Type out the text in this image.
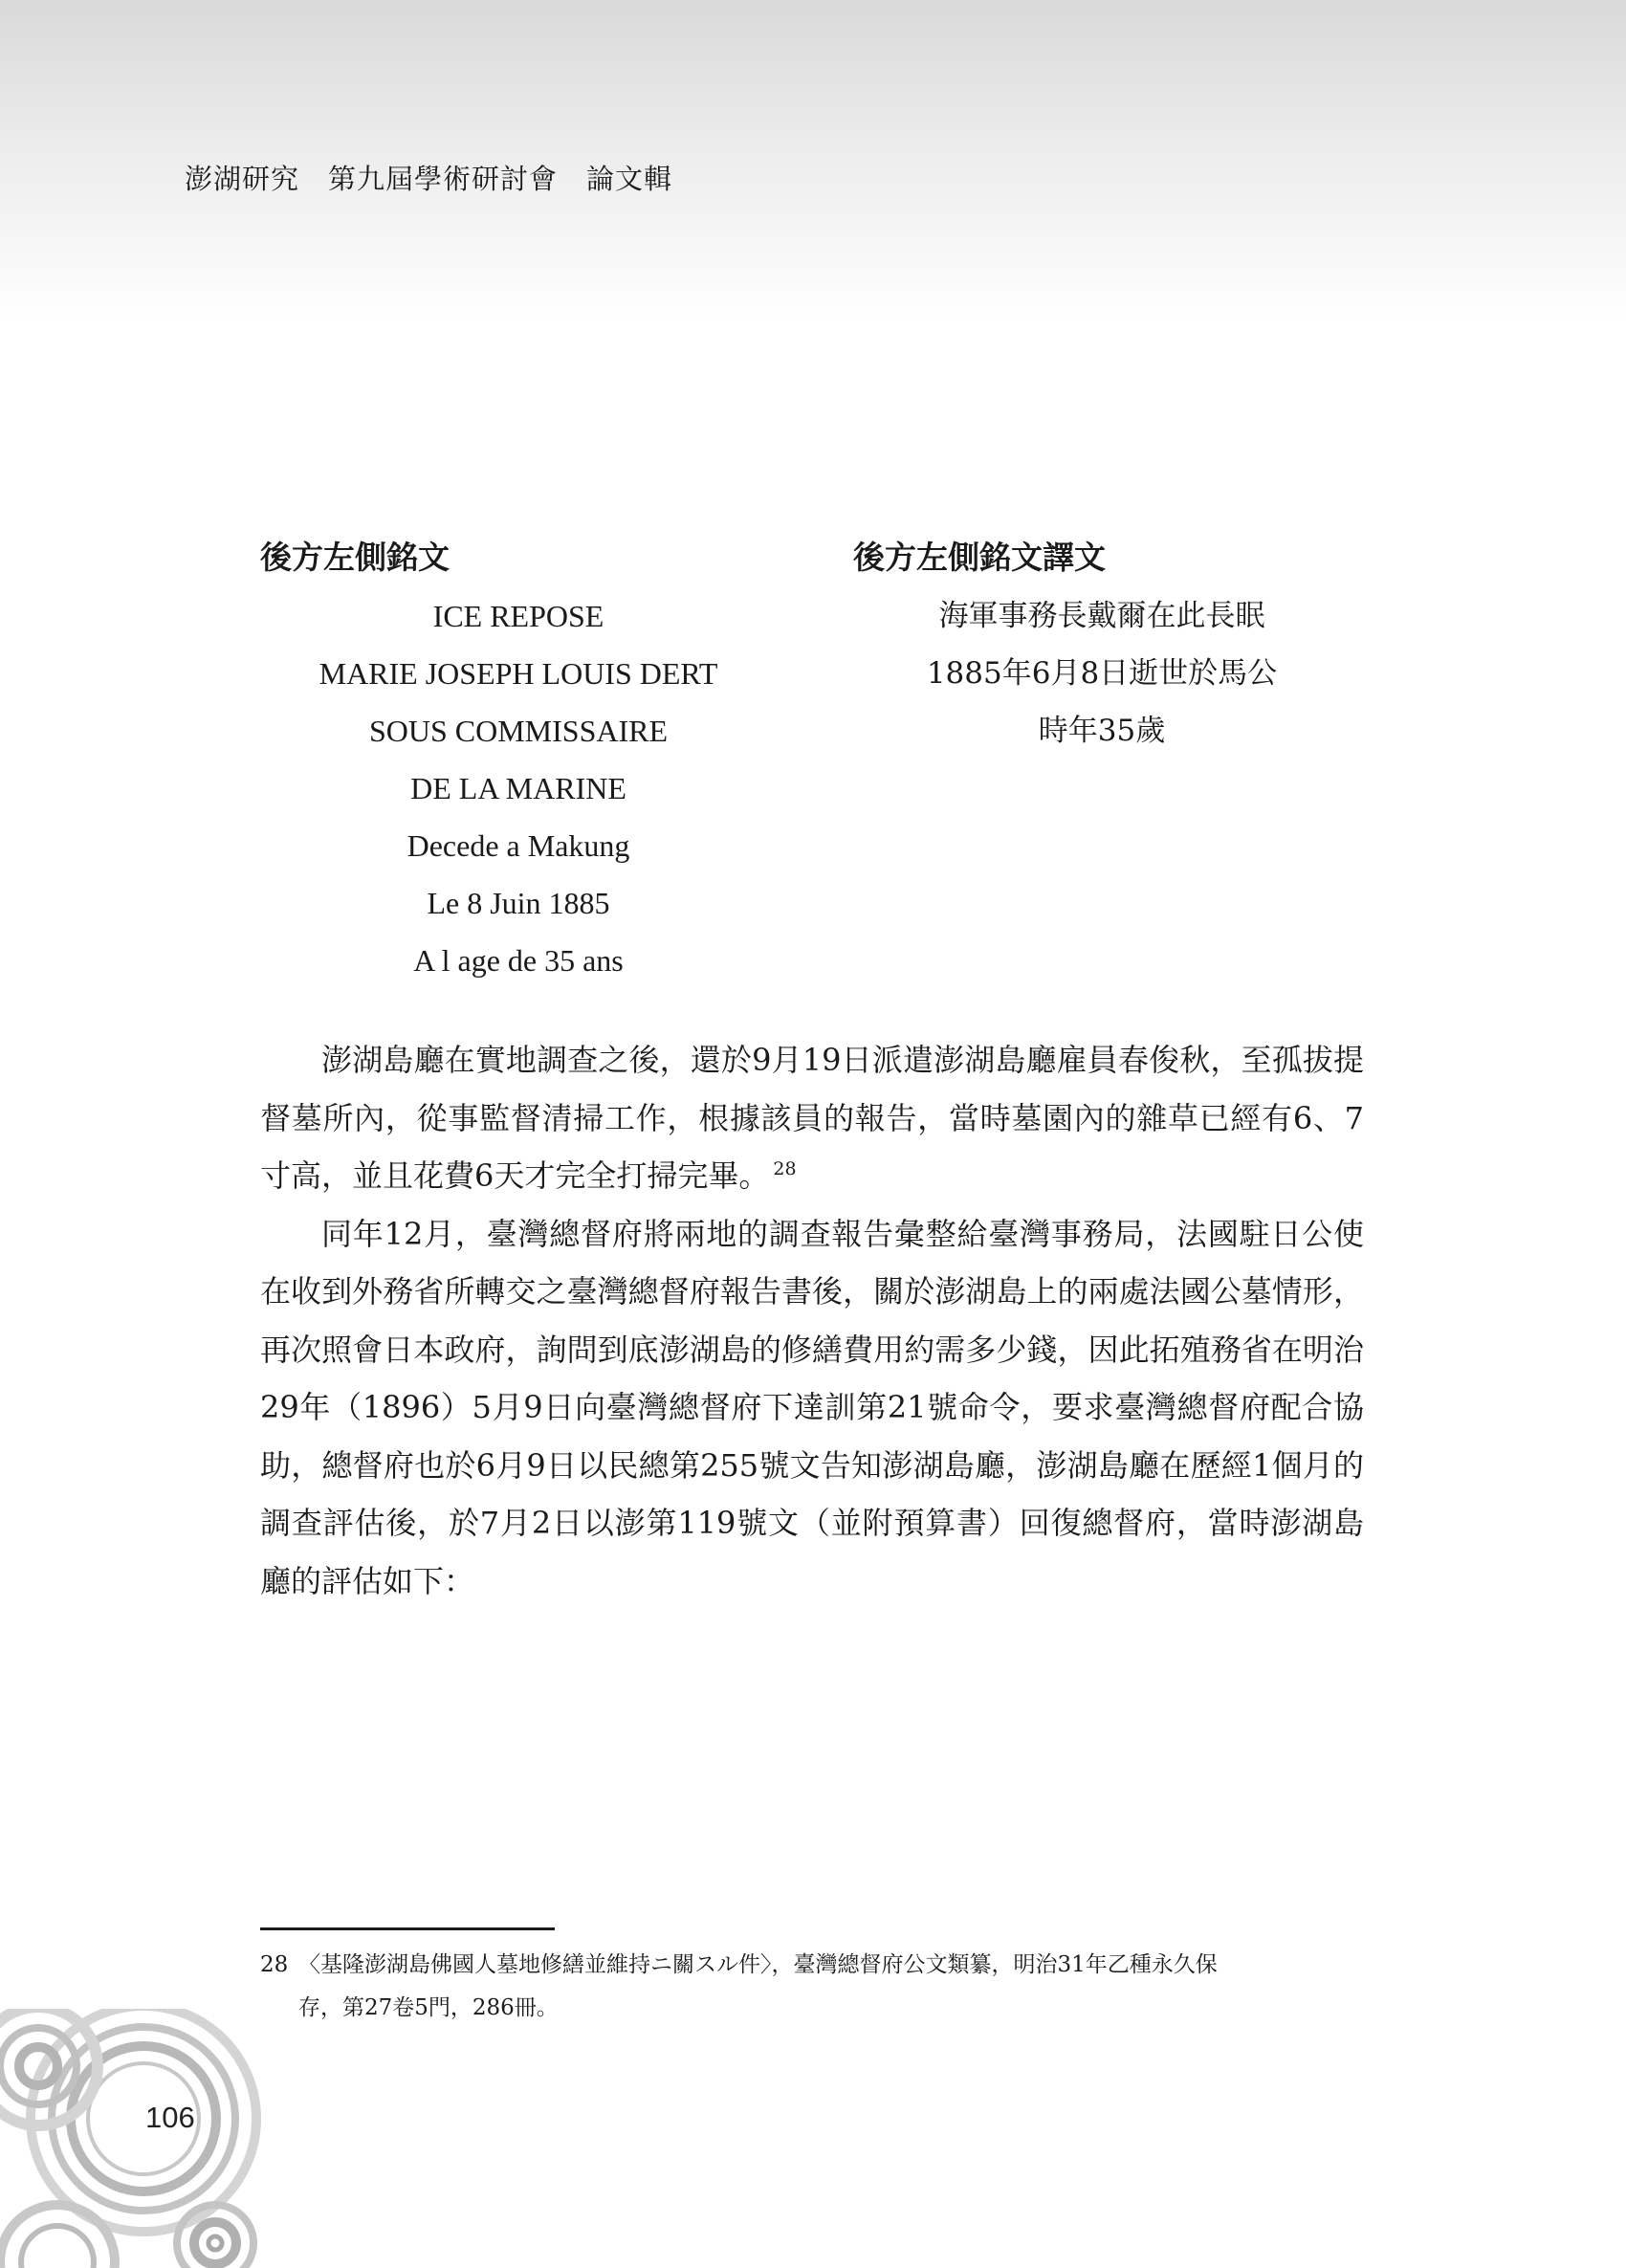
澎湖研究　第九屆學術研討會　論文輯
後方左側銘文
ICE REPOSE
MARIE JOSEPH LOUIS DERT
SOUS COMMISSAIRE
DE LA MARINE
Decede a Makung
Le 8 Juin 1885
A l age de 35 ans
後方左側銘文譯文
海軍事務長戴爾在此長眠
1885年6月8日逝世於馬公
時年35歲

澎湖島廳在實地調查之後，還於9月19日派遣澎湖島廳雇員春俊秋，至孤拔提督墓所內，從事監督清掃工作，根據該員的報告，當時墓園內的雜草已經有6、7寸高，並且花費6天才完全打掃完畢。 $^{28}$

同年12月，臺灣總督府將兩地的調查報告彙整給臺灣事務局，法國駐日公使在收到外務省所轉交之臺灣總督府報告書後，關於澎湖島上的兩處法國公墓情形，再次照會日本政府，詢問到底澎湖島的修繕費用約需多少錢，因此拓殖務省在明治29年（1896）5月9日向臺灣總督府下達訓第21號命令，要求臺灣總督府配合協助，總督府也於6月9日以民總第255號文告知澎湖島廳，澎湖島廳在歷經1個月的調查評估後，於7月2日以澎第119號文（並附預算書）回復總督府，當時澎湖島廳的評估如下：

28 〈基隆澎湖島佛國人墓地修繕並維持ニ關スル件〉，臺灣總督府公文類纂，明治31年乙種永久保
存，第27卷5門，286冊。
106
